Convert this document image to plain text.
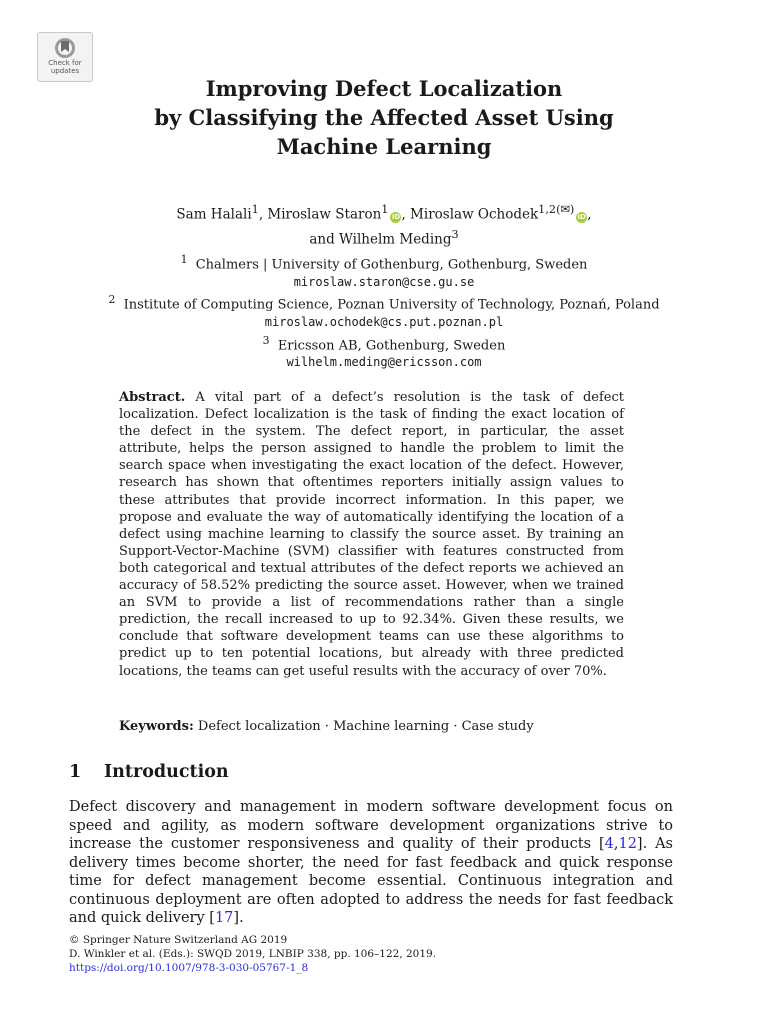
Check for
updates
Improving Defect Localization
by Classifying the Affected Asset Using
Machine Learning
Sam Halali$^1$, Miroslaw Staron$^1$iD, Miroslaw Ochodek$^{1,2(✉)}$iD,
and Wilhelm Meding$^3$
$^1$ Chalmers | University of Gothenburg, Gothenburg, Sweden
miroslaw.staron@cse.gu.se
$^2$ Institute of Computing Science, Poznan University of Technology, Poznań, Poland
miroslaw.ochodek@cs.put.poznan.pl
$^3$ Ericsson AB, Gothenburg, Sweden
wilhelm.meding@ericsson.com

Abstract. A vital part of a defect’s resolution is the task of defect localization. Defect localization is the task of finding the exact location of the defect in the system. The defect report, in particular, the asset attribute, helps the person assigned to handle the problem to limit the search space when investigating the exact location of the defect. However, research has shown that oftentimes reporters initially assign values to these attributes that provide incorrect information. In this paper, we propose and evaluate the way of automatically identifying the location of a defect using machine learning to classify the source asset. By training an Support-Vector-Machine (SVM) classifier with features constructed from both categorical and textual attributes of the defect reports we achieved an accuracy of 58.52% predicting the source asset. However, when we trained an SVM to provide a list of recommendations rather than a single prediction, the recall increased to up to 92.34%. Given these results, we conclude that software development teams can use these algorithms to predict up to ten potential locations, but already with three predicted locations, the teams can get useful results with the accuracy of over 70%.

Keywords: Defect localization · Machine learning · Case study
1 Introduction

Defect discovery and management in modern software development focus on speed and agility, as modern software development organizations strive to increase the customer responsiveness and quality of their products [4,12]. As delivery times become shorter, the need for fast feedback and quick response time for defect management become essential. Continuous integration and continuous deployment are often adopted to address the needs for fast feedback and quick delivery [17].

© Springer Nature Switzerland AG 2019
D. Winkler et al. (Eds.): SWQD 2019, LNBIP 338, pp. 106–122, 2019.
https://doi.org/10.1007/978-3-030-05767-1_8
